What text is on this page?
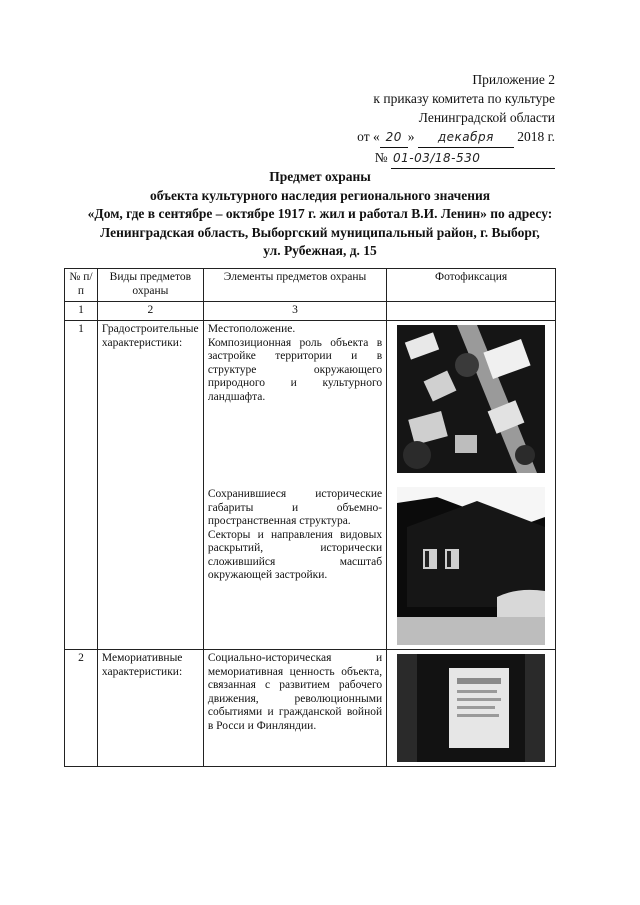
Приложение 2
к приказу комитета по культуре
Ленинградской области
от « 20 » декабря 2018 г.
№ 01-03/18-530
Предмет охраны
объекта культурного наследия регионального значения
«Дом, где в сентябре – октябре 1917 г. жил и работал В.И. Ленин» по адресу:
Ленинградская область, Выборгский муниципальный район, г. Выборг,
ул. Рубежная, д. 15
№ п/п	Виды предметов охраны	Элементы предметов охраны	Фотофиксация
1	2	3	
1	Градостроительные характеристики:	Местоположение.
Композиционная роль объекта в застройке территории и в структуре окружающего природного и культурного ландшафта.
Сохранившиеся исторические габариты и объемно-пространственная структура.
Секторы и направления видовых раскрытий, исторически сложившийся масштаб окружающей застройки.

2	Мемориативные характеристики:	Социально-историческая и мемориативная ценность объекта, связанная с развитием рабочего движения, революционными событиями и гражданской войной в Росси и Финляндии.
